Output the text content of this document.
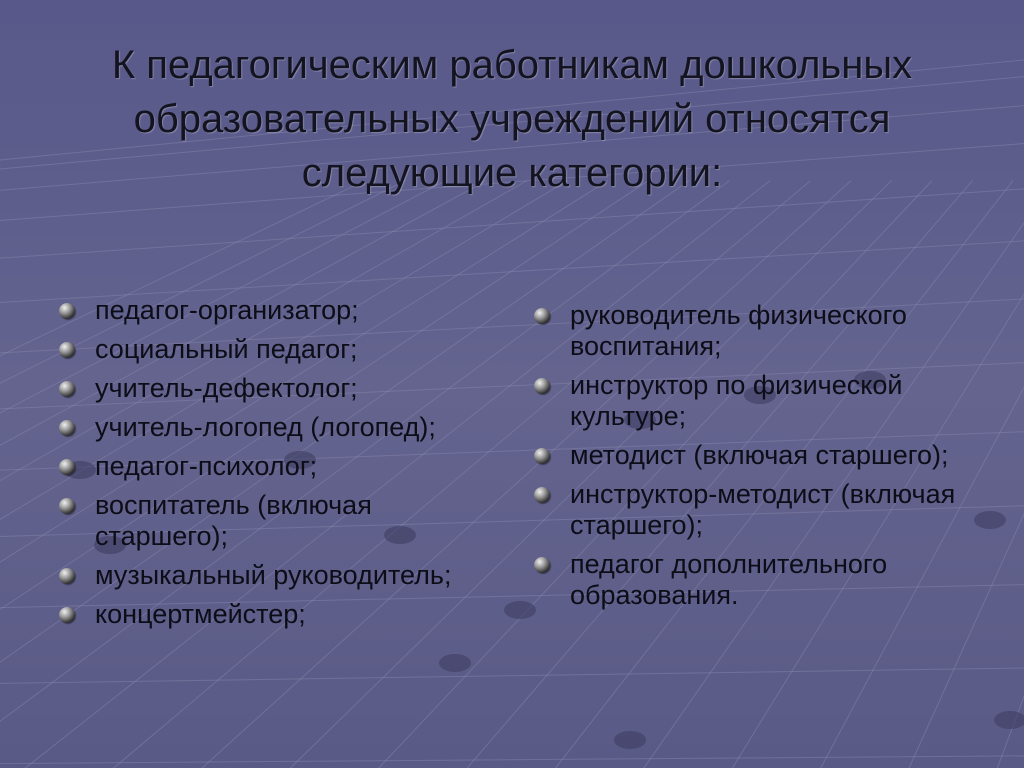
К педагогическим работникам дошкольных образовательных учреждений относятся следующие категории:
педагог-организатор;
социальный педагог;
учитель-дефектолог;
учитель-логопед (логопед);
педагог-психолог;
воспитатель (включая старшего);
музыкальный руководитель;
концертмейстер;
руководитель физического воспитания;
инструктор по физической культуре;
методист (включая старшего);
инструктор-методист (включая старшего);
педагог дополнительного образования.
